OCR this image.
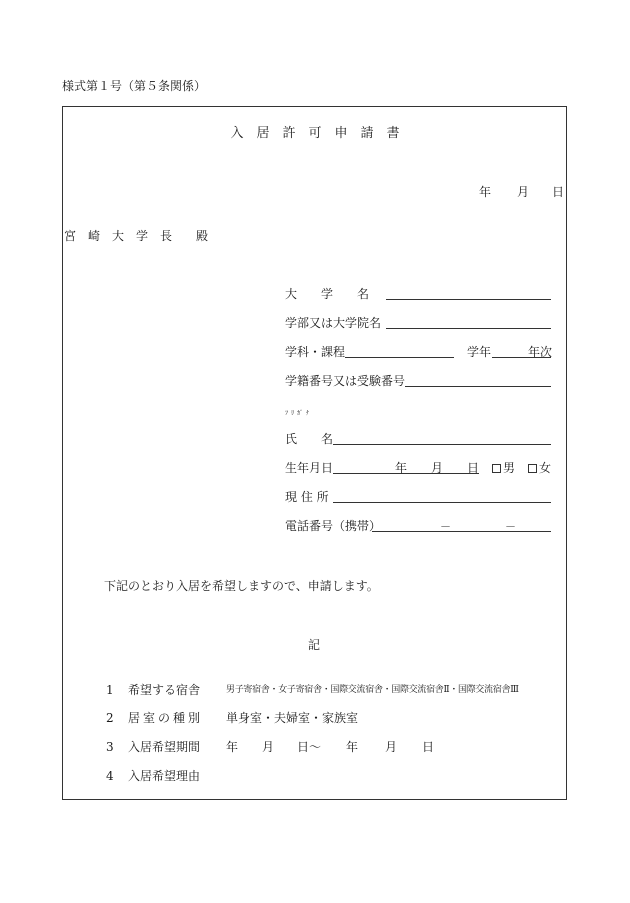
様式第１号（第５条関係）
入　居　許　可　申　請　書
年 月 日
宮　崎　大　学　長　　殿
大　　学　　名
学部又は大学院名
学科・課程	学年	年次
学籍番号又は受験番号
ﾌﾘｶﾞﾅ
氏　　名
生年月日	年 月 日	男	女
現 住 所
電話番号（携帯）	－	－
下記のとおり入居を希望しますので、申請します。
記
1 希望する宿舎	男子寄宿舎・女子寄宿舎・国際交流宿舎・国際交流宿舎Ⅱ・国際交流宿舎Ⅲ
2 居室の種別 単身室・夫婦室・家族室
3 入居希望期間 年 月 日～ 年 月 日
4 入居希望理由
